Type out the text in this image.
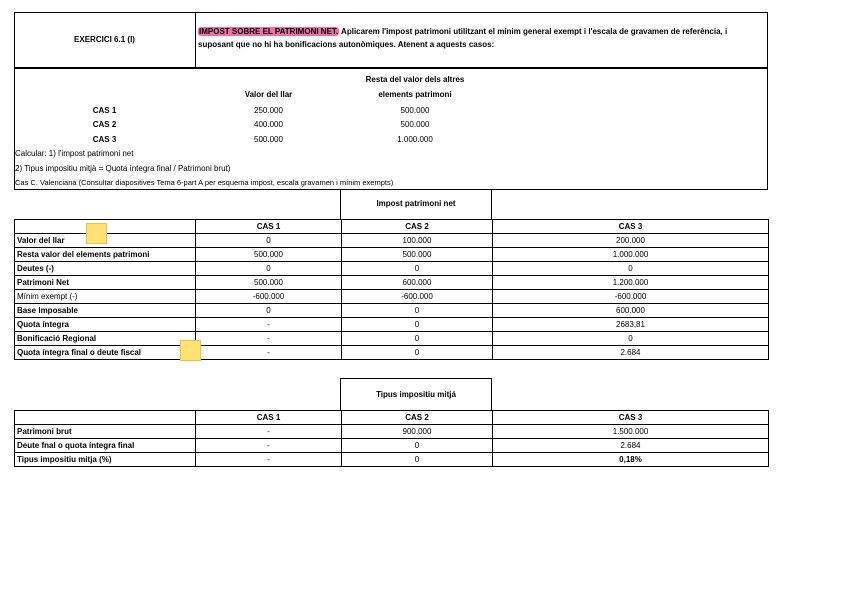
EXERCICI 6.1 (I)
IMPOST SOBRE EL PATRIMONI NET. Aplicarem l'impost patrimoni utilitzant el mínim general exempt i l'escala de gravamen de referència, i suposant que no hi ha bonificacions autonòmiques. Atenent a aquests casos:
Resta del valor dels altres
Valor del llar	elements patrimoni
CAS 1	250.000	500.000
CAS 2	400.000	500.000
CAS 3	500.000	1.000.000
Calcular: 1) l'impost patrimoni net
2) Tipus impositiu mitjà = Quota íntegra final / Patrimoni brut)
Cas C. Valenciana (Consultar diapositives Tema 6-part A per esquema impost, escala gravamen i mínim exempts)
Impost patrimoni net
	CAS 1	CAS 2	CAS 3
Valor del llar	0	100.000	200.000
Resta valor del elements patrimoni	500.000	500.000	1.000.000
Deutes (-)	0	0	0
Patrimoni Net	500.000	600.000	1.200.000
Mínim exempt (-)	-600.000	-600.000	-600.000
Base Imposable	0	0	600.000
Quota íntegra	-	0	2683,81
Bonificació Regional	-	0	0
Quota íntegra final o deute fiscal	-	0	2.684
Tipus impositiu mitjá
	CAS 1	CAS 2	CAS 3
Patrimoni brut	-	900.000	1.500.000
Deute fnal o quota íntegra final	-	0	2.684
Tipus impositiu mitja (%)	-	0	0,18%
